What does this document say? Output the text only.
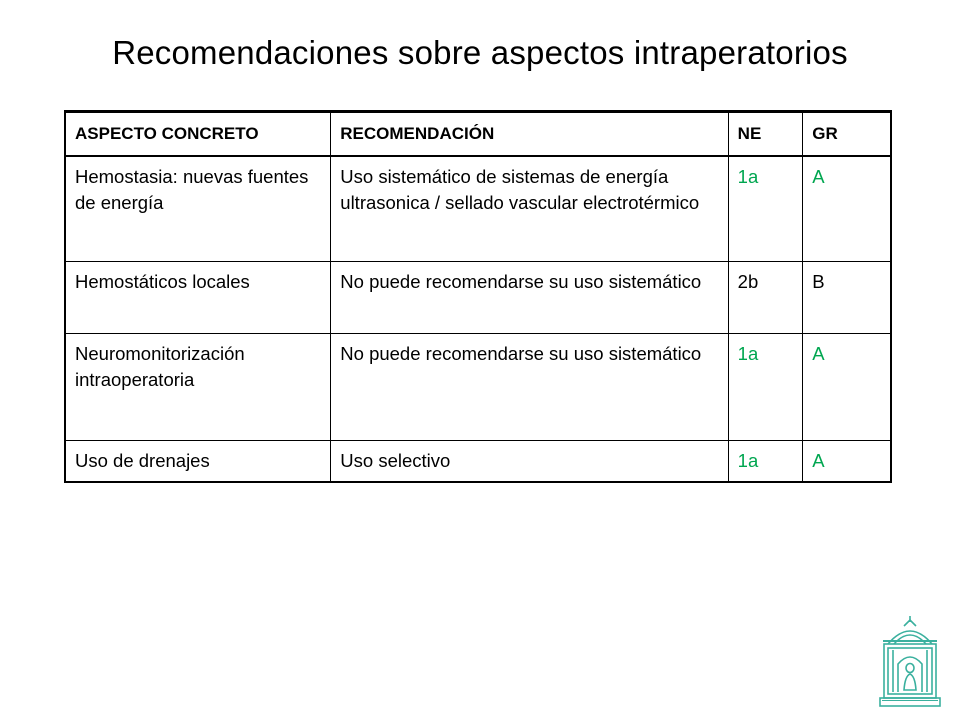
Recomendaciones sobre aspectos intraperatorios
ASPECTO CONCRETO	RECOMENDACIÓN	NE	GR
Hemostasia: nuevas fuentes de energía	Uso sistemático de sistemas de energía ultrasonica / sellado vascular electrotérmico	1a	A
Hemostáticos locales	No puede recomendarse su uso sistemático	2b	B
Neuromonitorización intraoperatoria	No puede recomendarse su uso sistemático	1a	A
Uso de drenajes	Uso selectivo	1a	A
